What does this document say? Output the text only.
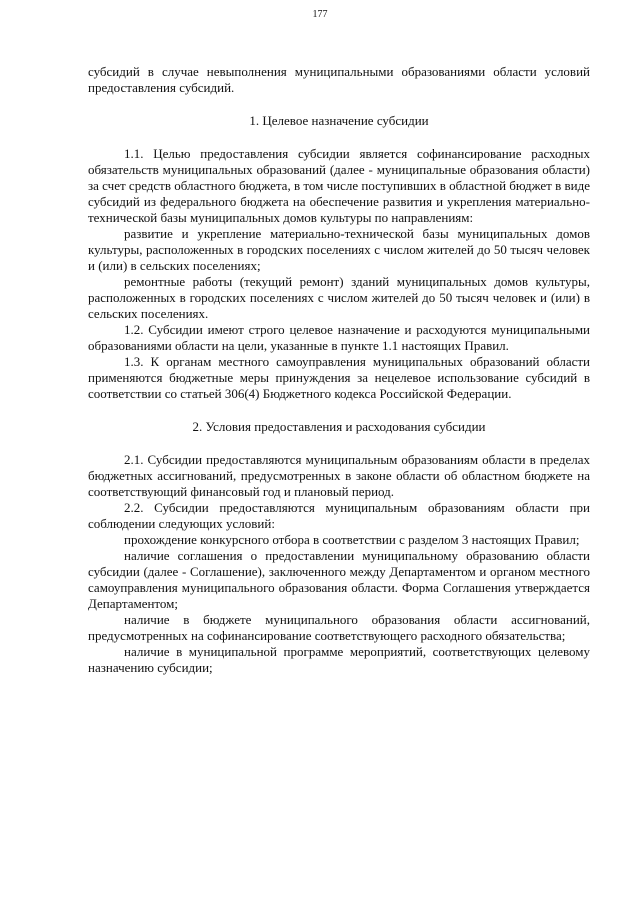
177

субсидий в случае невыполнения муниципальными образованиями области условий предоставления субсидий.

1. Целевое назначение субсидии

1.1. Целью предоставления субсидии является софинансирование расходных обязательств муниципальных образований (далее - муниципальные образования области) за счет средств областного бюджета, в том числе поступивших в областной бюджет в виде субсидий из федерального бюджета на обеспечение развития и укрепления материально-технической базы муниципальных домов культуры по направлениям:

развитие и укрепление материально-технической базы муниципальных домов культуры, расположенных в городских поселениях с числом жителей до 50 тысяч человек и (или) в сельских поселениях;

ремонтные работы (текущий ремонт) зданий муниципальных домов культуры, расположенных в городских поселениях с числом жителей до 50 тысяч человек и (или) в сельских поселениях.

1.2. Субсидии имеют строго целевое назначение и расходуются муниципальными образованиями области на цели, указанные в пункте 1.1 настоящих Правил.

1.3. К органам местного самоуправления муниципальных образований области применяются бюджетные меры принуждения за нецелевое использование субсидий в соответствии со статьей 306(4) Бюджетного кодекса Российской Федерации.

2. Условия предоставления и расходования субсидии

2.1. Субсидии предоставляются муниципальным образованиям области в пределах бюджетных ассигнований, предусмотренных в законе области об областном бюджете на соответствующий финансовый год и плановый период.

2.2. Субсидии предоставляются муниципальным образованиям области при соблюдении следующих условий:

прохождение конкурсного отбора в соответствии с разделом 3 настоящих Правил;

наличие соглашения о предоставлении муниципальному образованию области субсидии (далее - Соглашение), заключенного между Департаментом и органом местного самоуправления муниципального образования области. Форма Соглашения утверждается Департаментом;

наличие в бюджете муниципального образования области ассигнований, предусмотренных на софинансирование соответствующего расходного обязательства;

наличие в муниципальной программе мероприятий, соответствующих целевому назначению субсидии;
